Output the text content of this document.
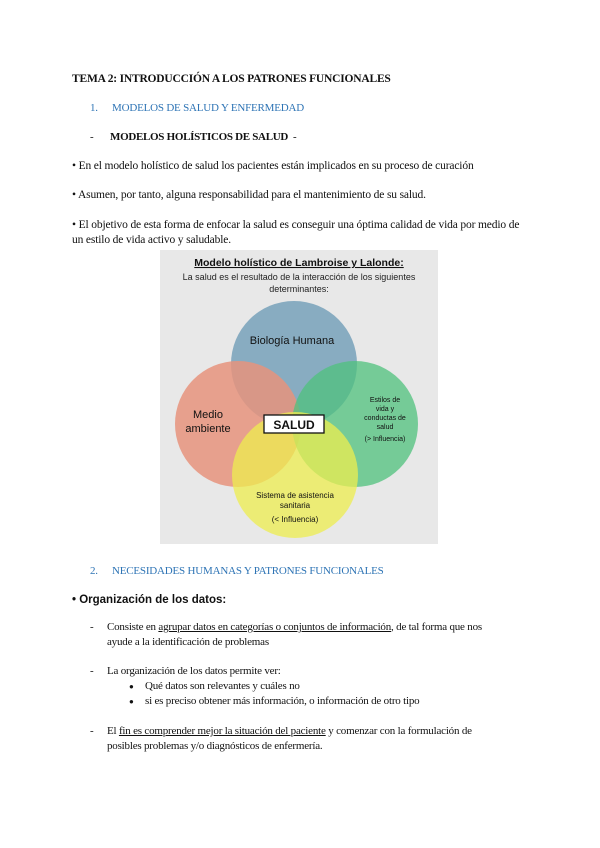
TEMA 2: INTRODUCCIÓN A LOS PATRONES FUNCIONALES
1. MODELOS DE SALUD Y ENFERMEDAD
- MODELOS HOLÍSTICOS DE SALUD -
• En el modelo holístico de salud los pacientes están implicados en su proceso de curación
• Asumen, por tanto, alguna responsabilidad para el mantenimiento de su salud.
• El objetivo de esta forma de enfocar la salud es conseguir una óptima calidad de vida por medio de
un estilo de vida activo y saludable.
Modelo holístico de Lambroise y Lalonde:
La salud es el resultado de la interacción de los siguientes
determinantes:
Biología Humana
Medio
ambiente
Estilos de
vida y
conductas de
salud
(> Influencia)
Sistema de asistencia
sanitaria
(< Influencia)
SALUD
2. NECESIDADES HUMANAS Y PATRONES FUNCIONALES
• Organización de los datos:
- Consiste en agrupar datos en categorías o conjuntos de información, de tal forma que nos
ayude a la identificación de problemas
- La organización de los datos permite ver:
● Qué datos son relevantes y cuáles no
● si es preciso obtener más información, o información de otro tipo
- El fin es comprender mejor la situación del paciente y comenzar con la formulación de
posibles problemas y/o diagnósticos de enfermería.
